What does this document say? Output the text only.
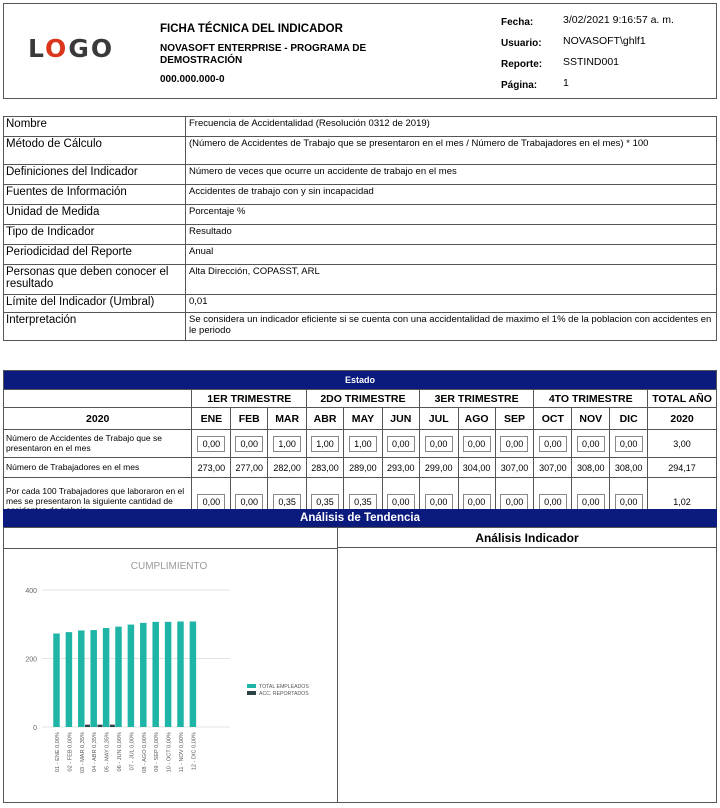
LOGO
FICHA TÉCNICA DEL INDICADOR
NOVASOFT ENTERPRISE - PROGRAMA DE DEMOSTRACIÓN
000.000.000-0
Fecha:	3/02/2021 9:16:57 a. m.
Usuario:	NOVASOFT\ghlf1
Reporte:	SSTIND001
Página:	1
Nombre	Frecuencia de Accidentalidad (Resolución 0312 de 2019)
Método de Cálculo	(Número de Accidentes de Trabajo que se presentaron en el mes / Número de Trabajadores en el mes) * 100
Definiciones del Indicador	Número de veces que ocurre un accidente de trabajo en el mes
Fuentes de Información	Accidentes de trabajo con y sin incapacidad
Unidad de Medida	Porcentaje %
Tipo de Indicador	Resultado
Periodicidad del Reporte	Anual
Personas que deben conocer el resultado	Alta Dirección, COPASST, ARL
Límite del Indicador (Umbral)	0,01
Interpretación	Se considera un indicador eficiente si se cuenta con una accidentalidad de maximo el 1% de la poblacion con accidentes en le periodo
Estado													
	1ER TRIMESTRE			2DO TRIMESTRE			3ER TRIMESTRE			4TO TRIMESTRE			TOTAL AÑO
2020	ENE	FEB	MAR	ABR	MAY	JUN	JUL	AGO	SEP	OCT	NOV	DIC	2020
Número de Accidentes de Trabajo que se presentaron en el mes	0,00	0,00	1,00	1,00	1,00	0,00	0,00	0,00	0,00	0,00	0,00	0,00	3,00
Número de Trabajadores en el mes	273,00	277,00	282,00	283,00	289,00	293,00	299,00	304,00	307,00	307,00	308,00	308,00	294,17
Por cada 100 Trabajadores que laboraron en el mes se presentaron la siguiente cantidad de	0,00	0,00	0,35	0,35	0,35	0,00	0,00	0,00	0,00	0,00	0,00	0,00	1,02
Análisis de Tendencia
Análisis Indicador
CUMPLIMIENTO
0
200
400
01 - ENE 0,00% 02 - FEB 0,00% 03 - MAR 0,35% 04 - ABR 0,35% 05 - MAY 0,35% 06 - JUN 0,00% 07 - JUL 0,00% 08 - AGO 0,00% 09 - SEP 0,00% 10 - OCT 0,00% 11 - NOV 0,00% 12 - DIC 0,00%
TOTAL EMPLEADOS
ACC. REPORTADOS
